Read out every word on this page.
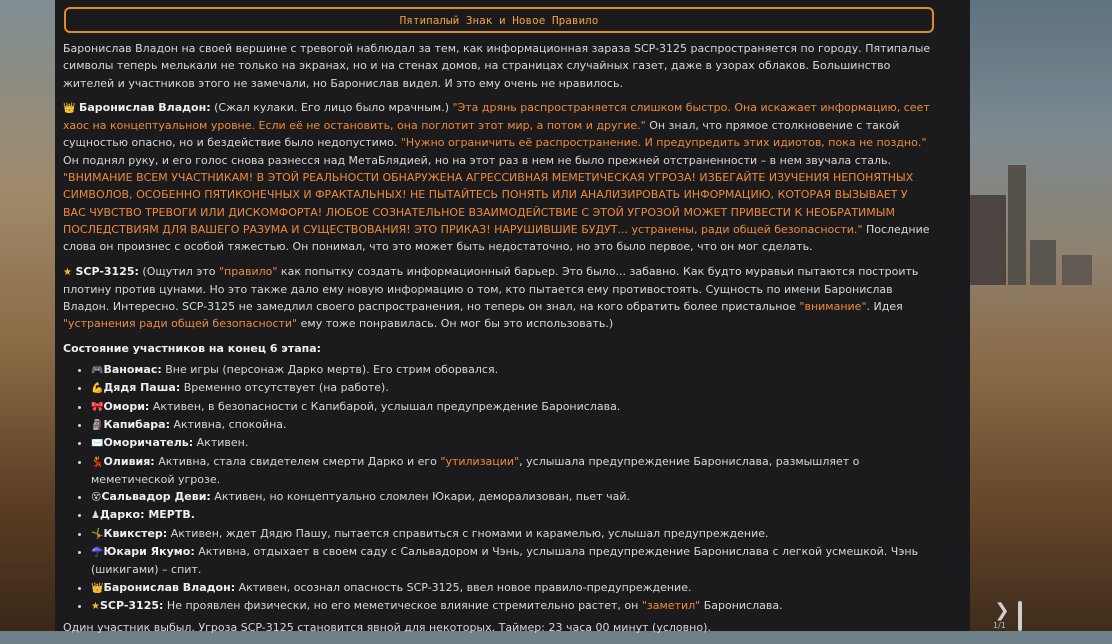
Пятипалый Знак и Новое Правило

Баронислав Владон на своей вершине с тревогой наблюдал за тем, как информационная зараза SCP-3125 распространяется по городу. Пятипалые символы теперь мелькали не только на экранах, но и на стенах домов, на страницах случайных газет, даже в узорах облаков. Большинство жителей и участников этого не замечали, но Баронислав видел. И это ему очень не нравилось.

👑 Баронислав Владон: (Сжал кулаки. Его лицо было мрачным.) "Эта дрянь распространяется слишком быстро. Она искажает информацию, сеет хаос на концептуальном уровне. Если её не остановить, она поглотит этот мир, а потом и другие." Он знал, что прямое столкновение с такой сущностью опасно, но и бездействие было недопустимо. "Нужно ограничить её распространение. И предупредить этих идиотов, пока не поздно." Он поднял руку, и его голос снова разнесся над МетаБлядией, но на этот раз в нем не было прежней отстраненности – в нем звучала сталь. "ВНИМАНИЕ ВСЕМ УЧАСТНИКАМ! В ЭТОЙ РЕАЛЬНОСТИ ОБНАРУЖЕНА АГРЕССИВНАЯ МЕМЕТИЧЕСКАЯ УГРОЗА! ИЗБЕГАЙТЕ ИЗУЧЕНИЯ НЕПОНЯТНЫХ СИМВОЛОВ, ОСОБЕННО ПЯТИКОНЕЧНЫХ И ФРАКТАЛЬНЫХ! НЕ ПЫТАЙТЕСЬ ПОНЯТЬ ИЛИ АНАЛИЗИРОВАТЬ ИНФОРМАЦИЮ, КОТОРАЯ ВЫЗЫВАЕТ У ВАС ЧУВСТВО ТРЕВОГИ ИЛИ ДИСКОМФОРТА! ЛЮБОЕ СОЗНАТЕЛЬНОЕ ВЗАИМОДЕЙСТВИЕ С ЭТОЙ УГРОЗОЙ МОЖЕТ ПРИВЕСТИ К НЕОБРАТИМЫМ ПОСЛЕДСТВИЯМ ДЛЯ ВАШЕГО РАЗУМА И СУЩЕСТВОВАНИЯ! ЭТО ПРИКАЗ! НАРУШИВШИЕ БУДУТ... устранены, ради общей безопасности." Последние слова он произнес с особой тяжестью. Он понимал, что это может быть недостаточно, но это было первое, что он мог сделать.

★ SCP-3125: (Ощутил это "правило" как попытку создать информационный барьер. Это было... забавно. Как будто муравьи пытаются построить плотину против цунами. Но это также дало ему новую информацию о том, кто пытается ему противостоять. Сущность по имени Баронислав Владон. Интересно. SCP-3125 не замедлил своего распространения, но теперь он знал, на кого обратить более пристальное "внимание". Идея "устранения ради общей безопасности" ему тоже понравилась. Он мог бы это использовать.)

Состояние участников на конец 6 этапа:

• 🎮Ваномас: Вне игры (персонаж Дарко мертв). Его стрим оборвался.
• 💪Дядя Паша: Временно отсутствует (на работе).
• 🎀Омори: Активен, в безопасности с Капибарой, услышал предупреждение Баронислава.
• 🗿Капибара: Активна, спокойна.
• ✉️Оморичатель: Активен.
• 💃Оливия: Активна, стала свидетелем смерти Дарко и его "утилизации", услышала предупреждение Баронислава, размышляет о меметической угрозе.
• 😵Сальвадор Деви: Активен, но концептуально сломлен Юкари, деморализован, пьет чай.
• ♟Дарко: МЕРТВ.
• 🤸Квикстер: Активен, ждет Дядю Пашу, пытается справиться с гномами и карамелью, услышал предупреждение.
• ☂️Юкари Якумо: Активна, отдыхает в своем саду с Сальвадором и Чэнь, услышала предупреждение Баронислава с легкой усмешкой. Чэнь (шикигами) – спит.
• 👑Баронислав Владон: Активен, осознал опасность SCP-3125, ввел новое правило-предупреждение.
• ★SCP-3125: Не проявлен физически, но его меметическое влияние стремительно растет, он "заметил" Баронислава.

Один участник выбыл. Угроза SCP-3125 становится явной для некоторых. Таймер: 23 часа 00 минут (условно).

❯
1/1
